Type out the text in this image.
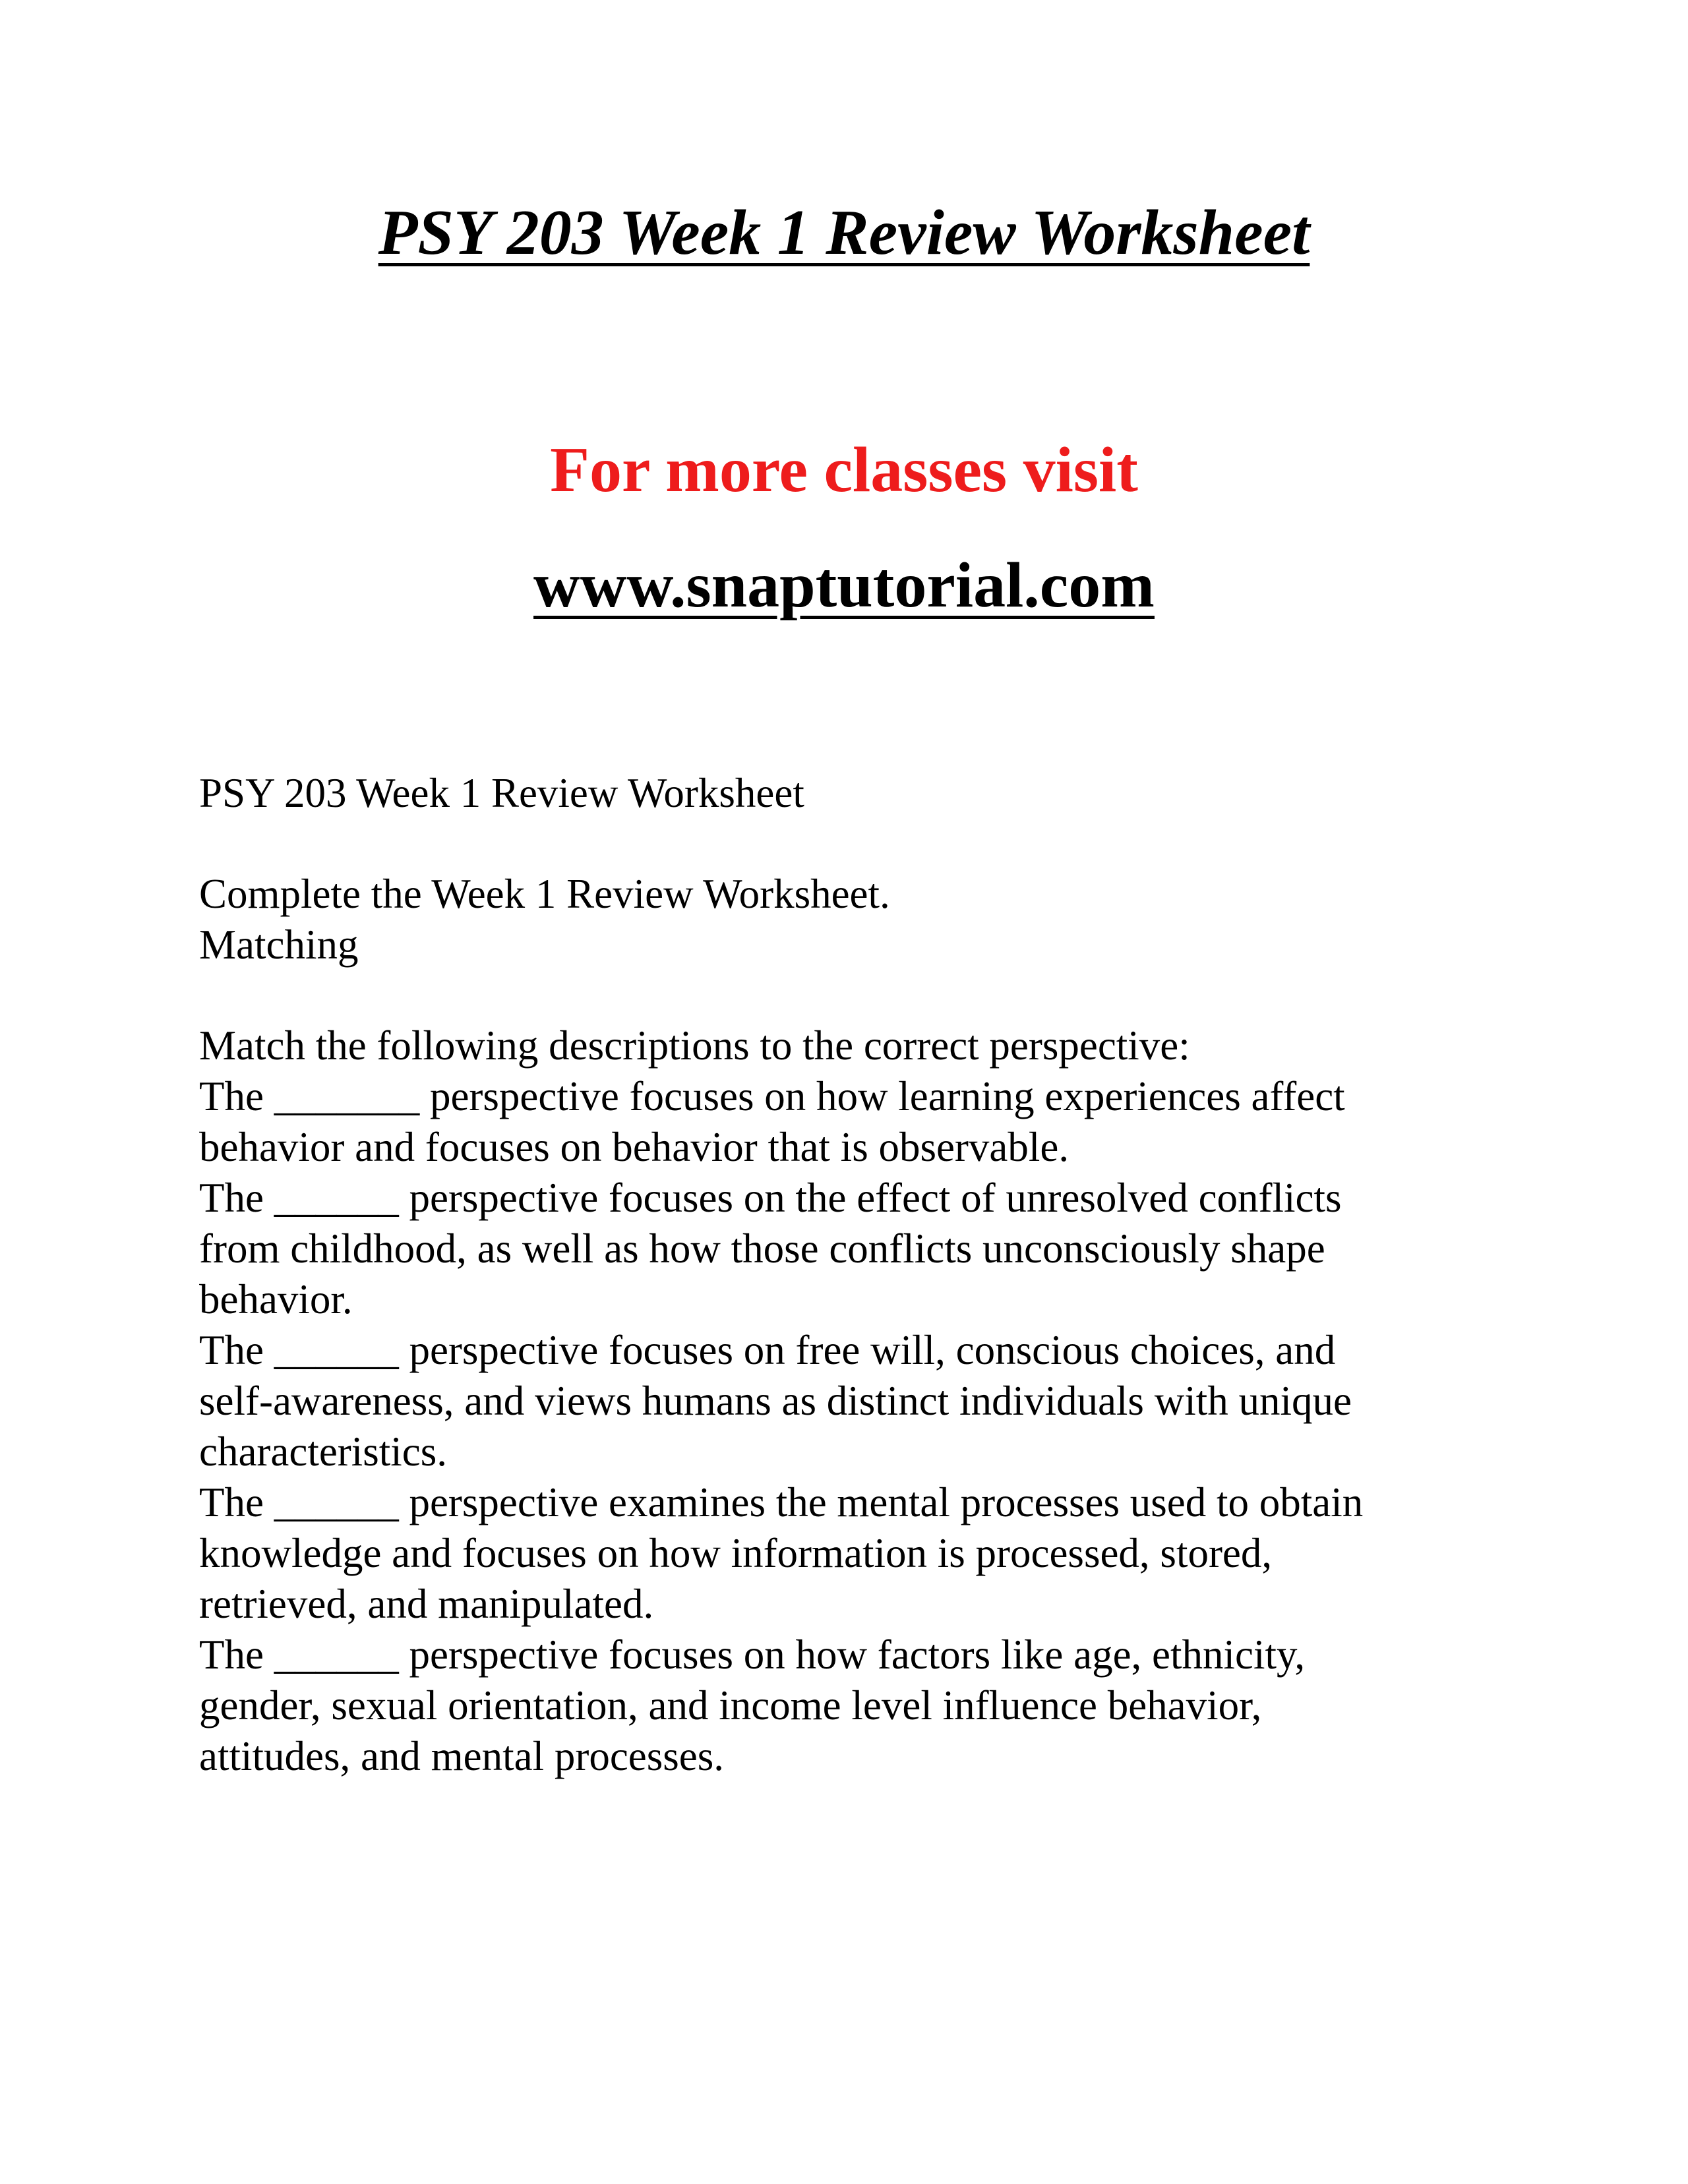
PSY 203 Week 1 Review Worksheet
For more classes visit
www.snaptutorial.com
PSY 203 Week 1 Review Worksheet
Complete the Week 1 Review Worksheet.
Matching
Match the following descriptions to the correct perspective:
The _______ perspective focuses on how learning experiences affect
behavior and focuses on behavior that is observable.
The ______ perspective focuses on the effect of unresolved conflicts
from childhood, as well as how those conflicts unconsciously shape
behavior.
The ______ perspective focuses on free will, conscious choices, and
self-awareness, and views humans as distinct individuals with unique
characteristics.
The ______ perspective examines the mental processes used to obtain
knowledge and focuses on how information is processed, stored,
retrieved, and manipulated.
The ______ perspective focuses on how factors like age, ethnicity,
gender, sexual orientation, and income level influence behavior,
attitudes, and mental processes.
